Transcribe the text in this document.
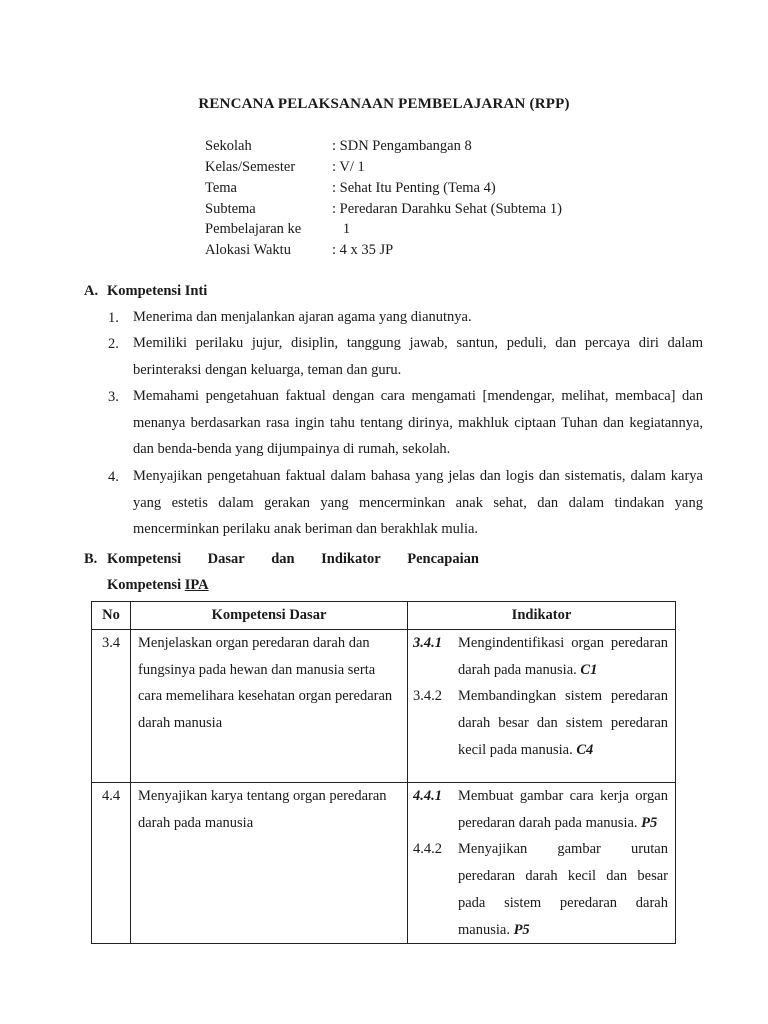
RENCANA PELAKSANAAN PEMBELAJARAN (RPP)
Sekolah	: SDN Pengambangan 8
Kelas/Semester	: V/ 1
Tema	: Sehat Itu Penting (Tema 4)
Subtema	: Peredaran Darahku Sehat (Subtema 1)
Pembelajaran ke 1
Alokasi Waktu	: 4 x 35 JP
A. Kompetensi Inti
1. Menerima dan menjalankan ajaran agama yang dianutnya.
2. Memiliki perilaku jujur, disiplin, tanggung jawab, santun, peduli, dan percaya diri dalam berinteraksi dengan keluarga, teman dan guru.
3. Memahami pengetahuan faktual dengan cara mengamati [mendengar, melihat, membaca] dan menanya berdasarkan rasa ingin tahu tentang dirinya, makhluk ciptaan Tuhan dan kegiatannya, dan benda-benda yang dijumpainya di rumah, sekolah.
4. Menyajikan pengetahuan faktual dalam bahasa yang jelas dan logis dan sistematis, dalam karya yang estetis dalam gerakan yang mencerminkan anak sehat, dan dalam tindakan yang mencerminkan perilaku anak beriman dan berakhlak mulia.
B. Kompetensi Dasar dan Indikator Pencapaian
Kompetensi IPA
No	Kompetensi Dasar	Indikator

3.4	Menjelaskan organ peredaran darah dan fungsinya pada hewan dan manusia serta cara memelihara kesehatan organ peredaran darah manusia	3.4.1 Mengindentifikasi organ peredaran darah pada manusia. C1
3.4.2 Membandingkan sistem peredaran darah besar dan sistem peredaran kecil pada manusia. C4

4.4	Menyajikan karya tentang organ peredaran darah pada manusia	4.4.1 Membuat gambar cara kerja organ peredaran darah pada manusia. P5
4.4.2 Menyajikan gambar urutan peredaran darah kecil dan besar pada sistem peredaran darah manusia. P5
